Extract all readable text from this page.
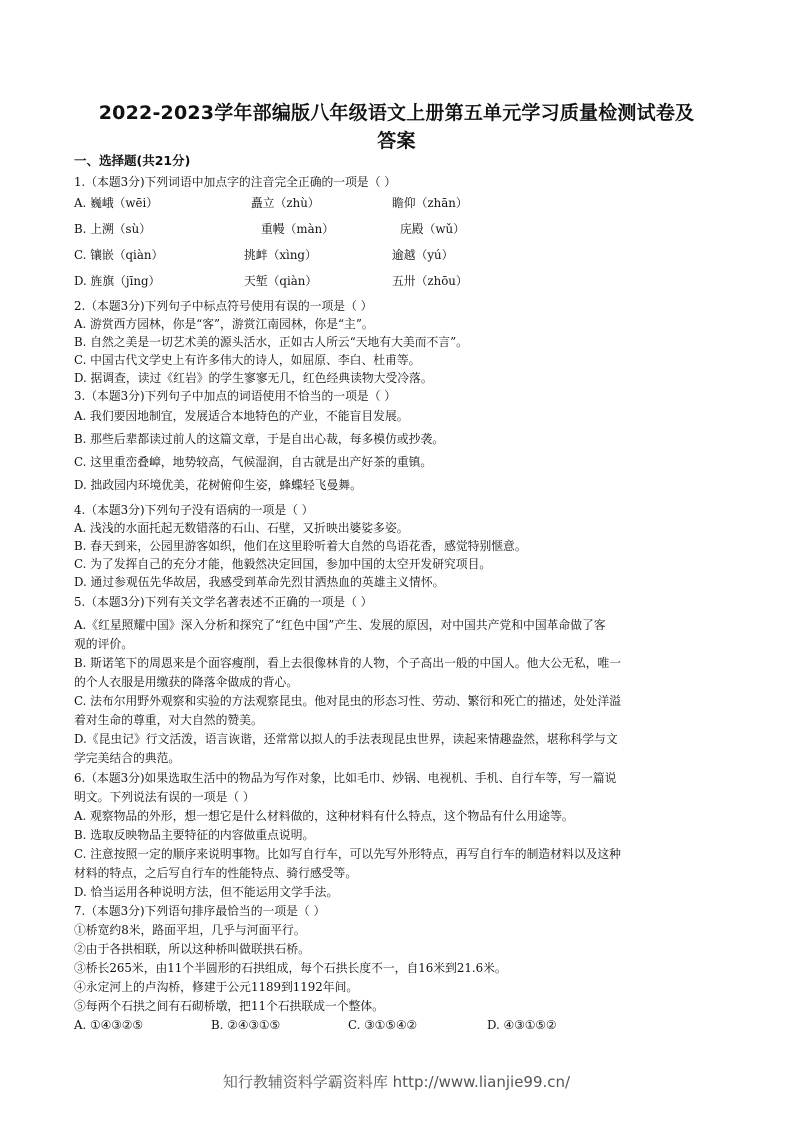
2022-2023学年部编版八年级语文上册第五单元学习质量检测试卷及
答案
一、选择题(共21分)
1.（本题3分)下列词语中加点字的注音完全正确的一项是（ ）
A. 巍峨（wēi）	矗立（zhù）	瞻仰（zhān）
B. 上溯（sù）	重幔（màn）	庑殿（wǔ）
C. 镶嵌（qiàn）	挑衅（xìng）	逾越（yú）
D. 旌旗（jīng）	天堑（qiàn）	五卅（zhōu）
2.（本题3分)下列句子中标点符号使用有误的一项是（ ）
A. 游赏西方园林，你是“客”，游赏江南园林，你是“主”。
B. 自然之美是一切艺术美的源头活水，正如古人所云“天地有大美而不言”。
C. 中国古代文学史上有许多伟大的诗人，如屈原、李白、杜甫等。
D. 据调查，读过《红岩》的学生寥寥无几，红色经典读物大受冷落。
3.（本题3分)下列句子中加点的词语使用不恰当的一项是（ ）
A. 我们要因地制宜，发展适合本地特色的产业，不能盲目发展。
B. 那些后辈都读过前人的这篇文章，于是自出心裁，每多模仿或抄袭。
C. 这里重峦叠嶂，地势较高，气候湿润，自古就是出产好茶的重镇。
D. 拙政园内环境优美，花树俯仰生姿，蜂蝶轻飞曼舞。
4.（本题3分)下列句子没有语病的一项是（ ）
A. 浅浅的水面托起无数错落的石山、石壁，又折映出婆娑多姿。
B. 春天到来，公园里游客如织，他们在这里聆听着大自然的鸟语花香，感觉特别惬意。
C. 为了发挥自己的充分才能，他毅然决定回国，参加中国的太空开发研究项目。
D. 通过参观伍先华故居，我感受到革命先烈甘洒热血的英雄主义情怀。
5.（本题3分)下列有关文学名著表述不正确的一项是（ ）
A.《红星照耀中国》深入分析和探究了“红色中国”产生、发展的原因，对中国共产党和中国革命做了客
观的评价。
B. 斯诺笔下的周恩来是个面容瘦削，看上去很像林肯的人物，个子高出一般的中国人。他大公无私，唯一
的个人衣服是用缴获的降落伞做成的背心。
C. 法布尔用野外观察和实验的方法观察昆虫。他对昆虫的形态习性、劳动、繁衍和死亡的描述，处处洋溢
着对生命的尊重，对大自然的赞美。
D.《昆虫记》行文活泼，语言诙谐，还常常以拟人的手法表现昆虫世界，读起来情趣盎然，堪称科学与文
学完美结合的典范。
6.（本题3分)如果选取生活中的物品为写作对象，比如毛巾、炒锅、电视机、手机、自行车等，写一篇说
明文。下列说法有误的一项是（ ）
A. 观察物品的外形，想一想它是什么材料做的，这种材料有什么特点，这个物品有什么用途等。
B. 选取反映物品主要特征的内容做重点说明。
C. 注意按照一定的顺序来说明事物。比如写自行车，可以先写外形特点，再写自行车的制造材料以及这种
材料的特点，之后写自行车的性能特点、骑行感受等。
D. 恰当运用各种说明方法，但不能运用文学手法。
7.（本题3分)下列语句排序最恰当的一项是（ ）
①桥宽约8米，路面平坦，几乎与河面平行。
②由于各拱相联，所以这种桥叫做联拱石桥。
③桥长265米，由11个半圆形的石拱组成，每个石拱长度不一，自16米到21.6米。
④永定河上的卢沟桥，修建于公元1189到1192年间。
⑤每两个石拱之间有石砌桥墩，把11个石拱联成一个整体。
A. ①④③②⑤	B. ②④③①⑤	C. ③①⑤④②	D. ④③①⑤②
知行教辅资料学霸资料库 http://www.lianjie99.cn/
